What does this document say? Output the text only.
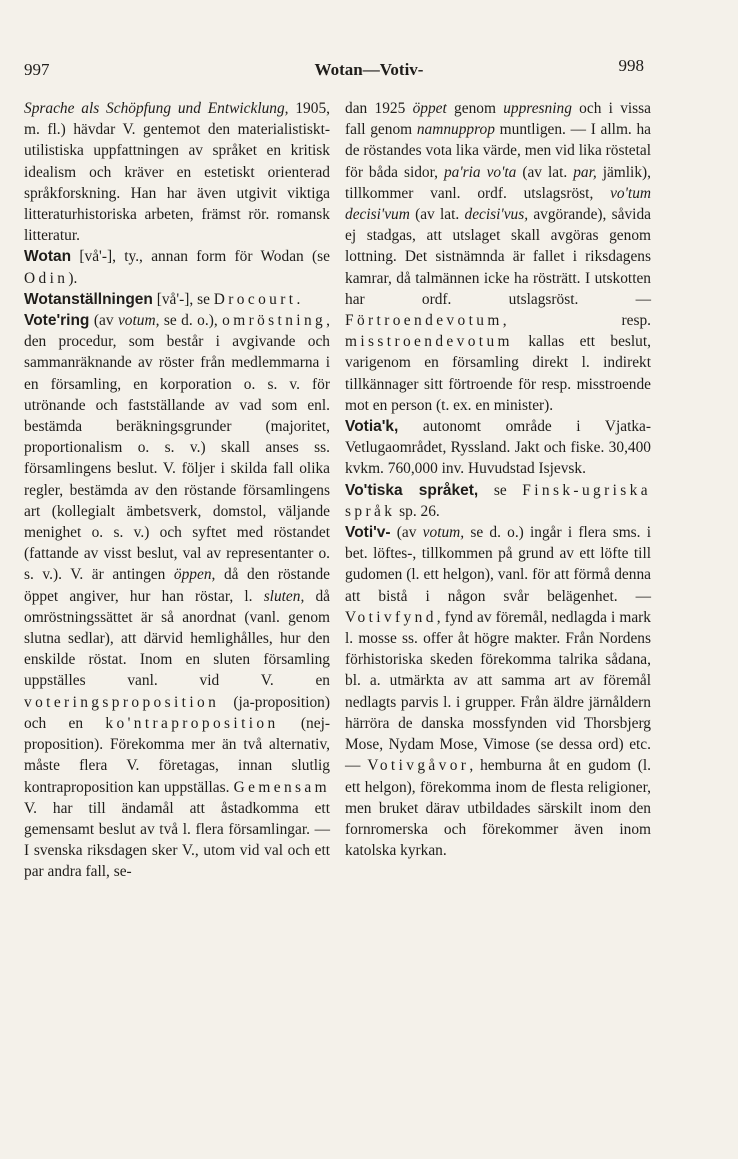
997	Wotan—Votiv-	998

Sprache als Schöpfung und Entwicklung, 1905, m. fl.) hävdar V. gentemot den materialistiskt-utilistiska uppfattningen av språket en kritisk idealism och kräver en estetiskt orienterad språkforskning. Han har även utgivit viktiga litteraturhistoriska arbeten, främst rör. romansk litteratur.

Wotan [vå'-], ty., annan form för Wodan (se Odin).

Wotanställningen [vå'-], se Drocourt.

Vote'ring (av votum, se d. o.), omröstning, den procedur, som består i avgivande och sammanräknande av röster från medlemmarna i en församling, en korporation o. s. v. för utrönande och fastställande av vad som enl. bestämda beräkningsgrunder (majoritet, proportionalism o. s. v.) skall anses ss. församlingens beslut. V. följer i skilda fall olika regler, bestämda av den röstande församlingens art (kollegialt ämbetsverk, domstol, väljande menighet o. s. v.) och syftet med röstandet (fattande av visst beslut, val av representanter o. s. v.). V. är antingen öppen, då den röstande öppet angiver, hur han röstar, l. sluten, då omröstningssättet är så anordnat (vanl. genom slutna sedlar), att därvid hemlighålles, hur den enskilde röstat. Inom en sluten församling uppställes vanl. vid V. en voteringsproposition (ja-proposition) och en ko'ntraproposition (nej-proposition). Förekomma mer än två alternativ, måste flera V. företagas, innan slutlig kontraproposition kan uppställas. Gemensam V. har till ändamål att åstadkomma ett gemensamt beslut av två l. flera församlingar. — I svenska riksdagen sker V., utom vid val och ett par andra fall, se-

dan 1925 öppet genom uppresning och i vissa fall genom namnupprop muntligen. — I allm. ha de röstandes vota lika värde, men vid lika röstetal för båda sidor, pa'ria vo'ta (av lat. par, jämlik), tillkommer vanl. ordf. utslagsröst, vo'tum decisi'vum (av lat. decisi'vus, avgörande), såvida ej stadgas, att utslaget skall avgöras genom lottning. Det sistnämnda är fallet i riksdagens kamrar, då talmännen icke ha rösträtt. I utskotten har ordf. utslagsröst. — Förtroendevotum, resp. misstroendevotum kallas ett beslut, varigenom en församling direkt l. indirekt tillkännager sitt förtroende för resp. misstroende mot en person (t. ex. en minister).

Votia'k, autonomt område i Vjatka-Vetlugaområdet, Ryssland. Jakt och fiske. 30,400 kvkm. 760,000 inv. Huvudstad Isjevsk.

Vo'tiska språket, se Finsk-ugriska språk sp. 26.

Voti'v- (av votum, se d. o.) ingår i flera sms. i bet. löftes-, tillkommen på grund av ett löfte till gudomen (l. ett helgon), vanl. för att förmå denna att bistå i någon svår belägenhet. — Votivfynd, fynd av föremål, nedlagda i mark l. mosse ss. offer åt högre makter. Från Nordens förhistoriska skeden förekomma talrika sådana, bl. a. utmärkta av att samma art av föremål nedlagts parvis l. i grupper. Från äldre järnåldern härröra de danska mossfynden vid Thorsbjerg Mose, Nydam Mose, Vimose (se dessa ord) etc. — Votivgåvor, hemburna åt en gudom (l. ett helgon), förekomma inom de flesta religioner, men bruket därav utbildades särskilt inom den fornromerska och förekommer även inom katolska kyrkan.
